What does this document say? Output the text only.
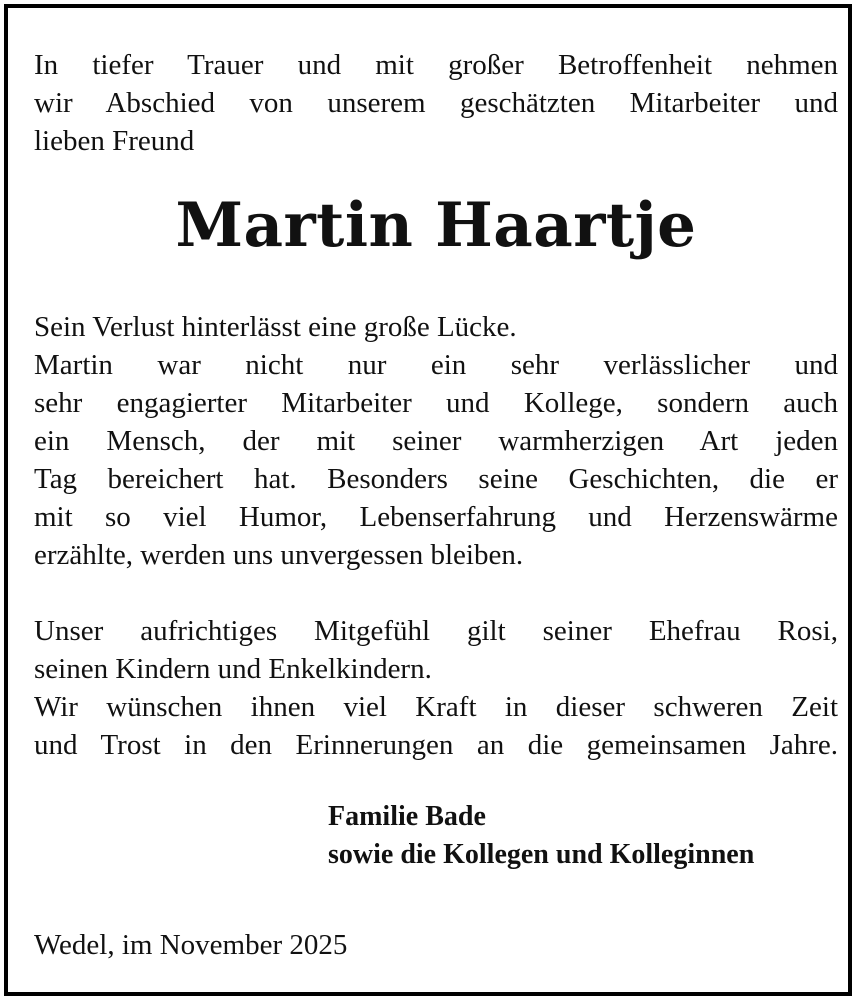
In tiefer Trauer und mit großer Betroffenheit nehmen
wir Abschied von unserem geschätzten Mitarbeiter und
lieben Freund

Martin Haartje

Sein Verlust hinterlässt eine große Lücke.
Martin war nicht nur ein sehr verlässlicher und
sehr engagierter Mitarbeiter und Kollege, sondern auch
ein Mensch, der mit seiner warmherzigen Art jeden
Tag bereichert hat. Besonders seine Geschichten, die er
mit so viel Humor, Lebenserfahrung und Herzenswärme
erzählte, werden uns unvergessen bleiben.

Unser aufrichtiges Mitgefühl gilt seiner Ehefrau Rosi,
seinen Kindern und Enkelkindern.
Wir wünschen ihnen viel Kraft in dieser schweren Zeit
und Trost in den Erinnerungen an die gemeinsamen Jahre.

Familie Bade
sowie die Kollegen und Kolleginnen
Wedel, im November 2025
